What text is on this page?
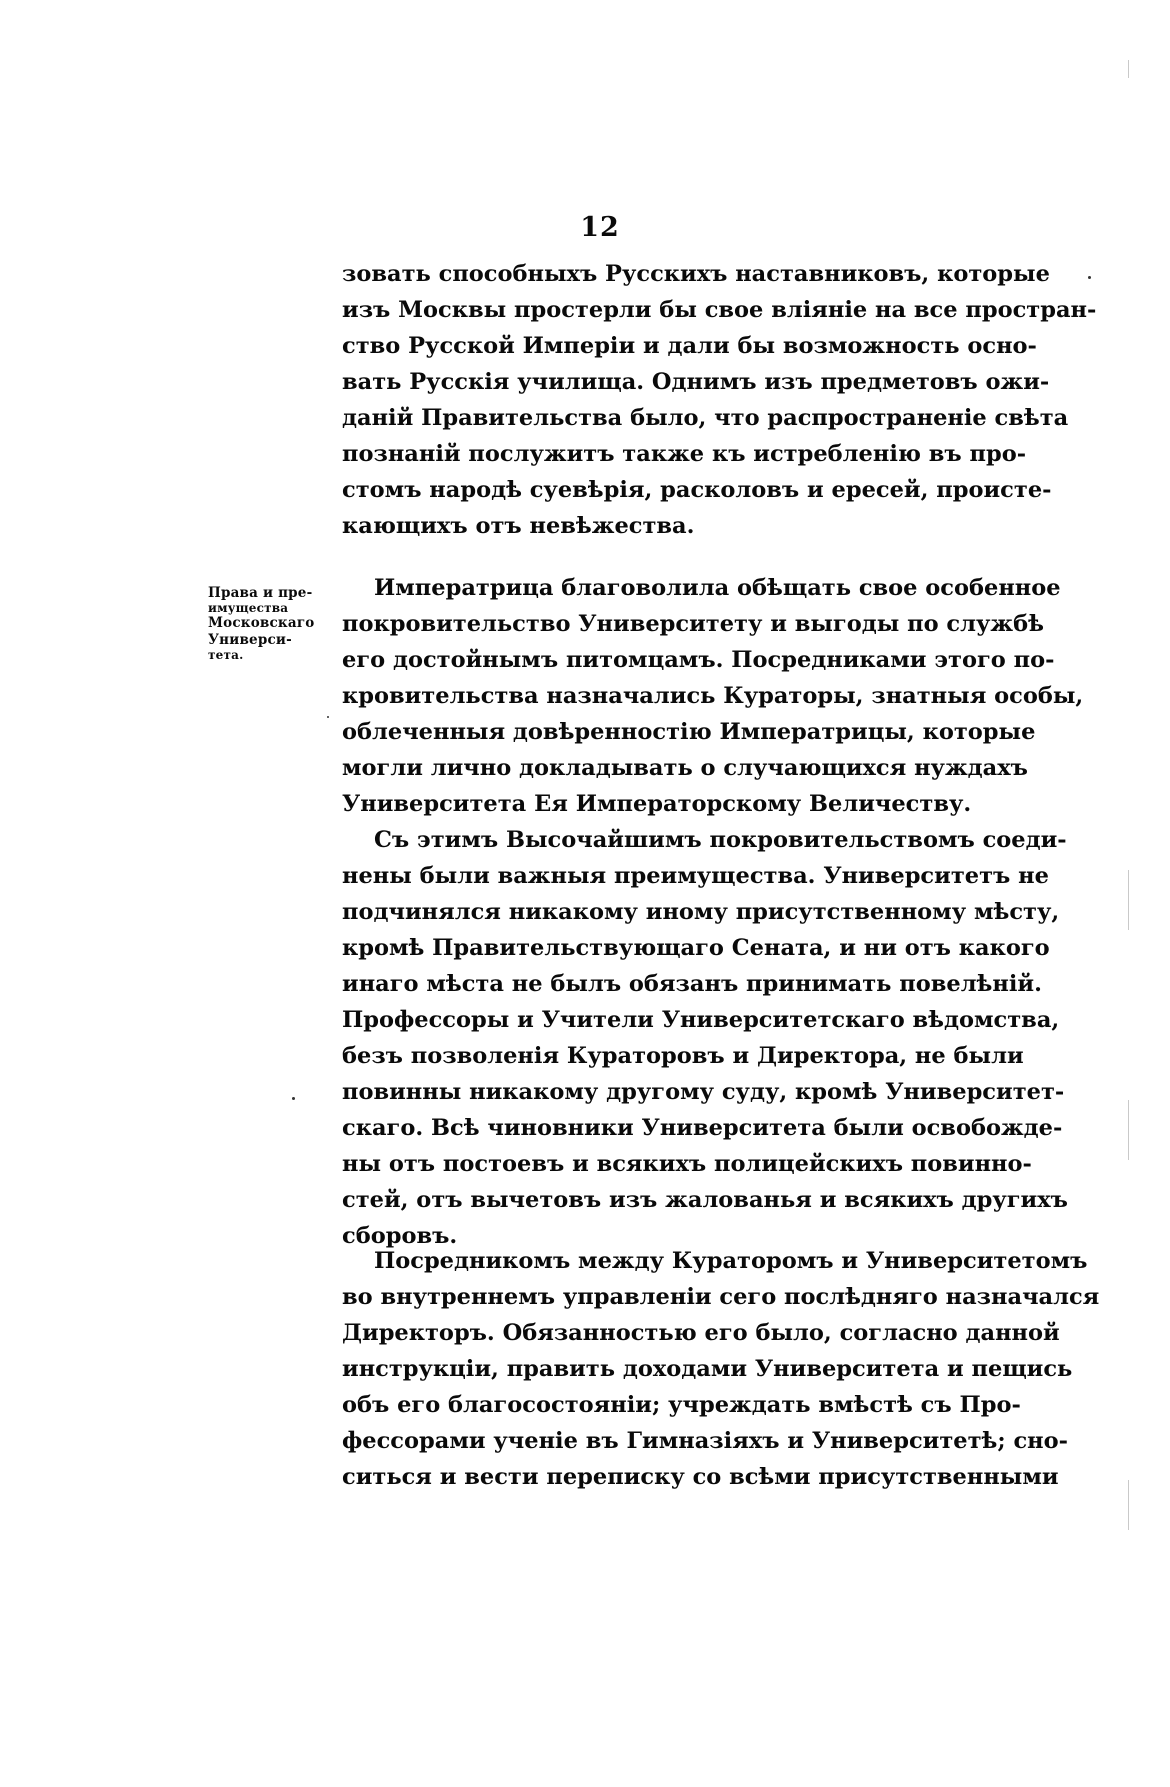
12
зовать способныхъ Русскихъ наставниковъ, которые
изъ Москвы простерли бы свое вліяніе на все простран-
ство Русской Имперіи и дали бы возможность осно-
вать Русскія училища. Однимъ изъ предметовъ ожи-
даній Правительства было, что распространеніе свѣта
познаній послужитъ также къ истребленію въ про-
стомъ народѣ суевѣрія, расколовъ и ересей, происте-
кающихъ отъ невѣжества.
Права и пре-
имущества
Московскаго
Универси-
тета.
Императрица благоволила обѣщать свое особенное
покровительство Университету и выгоды по службѣ
его достойнымъ питомцамъ. Посредниками этого по-
кровительства назначались Кураторы, знатныя особы,
облеченныя довѣренностію Императрицы, которые
могли лично докладывать о случающихся нуждахъ
Университета Ея Императорскому Величеству.
Съ этимъ Высочайшимъ покровительствомъ соеди-
нены были важныя преимущества. Университетъ не
подчинялся никакому иному присутственному мѣсту,
кромѣ Правительствующаго Сената, и ни отъ какого
инаго мѣста не былъ обязанъ принимать повелѣній.
Профессоры и Учители Университетскаго вѣдомства,
безъ позволенія Кураторовъ и Директора, не были
повинны никакому другому суду, кромѣ Университет-
скаго. Всѣ чиновники Университета были освобожде-
ны отъ постоевъ и всякихъ полицейскихъ повинно-
стей, отъ вычетовъ изъ жалованья и всякихъ другихъ
сборовъ.
Посредникомъ между Кураторомъ и Университетомъ
во внутреннемъ управленіи сего послѣдняго назначался
Директоръ. Обязанностью его было, согласно данной
инструкціи, править доходами Университета и пещись
объ его благосостояніи; учреждать вмѣстѣ съ Про-
фессорами ученіе въ Гимназіяхъ и Университетѣ; сно-
ситься и вести переписку со всѣми присутственными
